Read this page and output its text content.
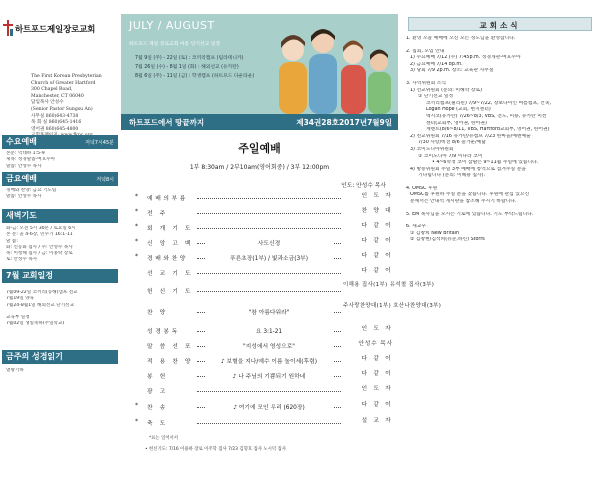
하트포드제일장로교회
The First Korean Presbyterian
Church of Greater Hartford
300 Chapel Road,
Manchester, CT 06040
담임목사 안성수
(Senior Pastor Sungsu An)
사무실 860)643-4738
목 회 실 860)645-1416
영어권 860)645-4800
수요예배	저녁7시45분
본문: 역대하 1:5-9
제목: 성경말씀-여호수아
말씀: 안성수 목사
금요예배	저녁8시
경배와 찬양: 금요 기도팀
말씀: 안성수 목사
새벽기도
화-금: 오전 5시 30분 / 토요일 6시
본 문: 골 4-6장, 민수기 16:1-11
말 씀:
화: 신동화 집사 / 수: 안성수 목사
목: 이청해 집사 / 금: 이홍락 장로
토: 안성수 목사
7월 교회일정
7월09-22일 코끼리(동해)캠프 전교
7월19일 양육
7월24-8월1일 해외선교 단기선교
교육부 일정
7월02일 생일축하(주일학교)
금주의 성경읽기
열왕기하
JULY / AUGUST
하트포드 제일 장로교회 여름 단기선교 일정
7월 9일 (주) - 22일 (토) : 코끼리캠프 (팀라테니카)
7월 26일 (수) - 8월 1일 (화) : 해외선교 (유카탄)
8월 6일 (주) - 11일 (금) : 학생캠프 (하트포드 다운타운)
하트포드에서 땅끝까지	제34권28호2017년7월9일
주일예배
1부 8:30am / 2부10am(영어회중) / 3부 12:00pm
인도: 안성수 목사
*	예배의부름	인 도 자
*	전 주	찬 양 대
*	회 개 기 도	다 같 이
*	신 앙 고 백	사도신경	다 같 이
*	경배와찬양	푸른초장(1부) / 빛과소금(3부)	다 같 이
선 교 기 도	다 같 이
헌 신 기 도
이해용 집사(1부) 유석철 집사(3부)
찬 양	"참 아름다워라"
주사랑찬양대(1부) 호산나찬양대(3부)
성경봉독	요 3:1-21	인 도 자
말 씀 선 포	"지성에서 영성으로"	안성수 목사
적 용 찬 양	♪ 보혈을 지나/예수 이름 높이세(후렴)	다 같 이
봉 헌	♪ 나 주님의 기쁨되기 원하네	다 같 이
광 고	인 도 자
*	찬 송	♪ 여기에 모인 우리 (620장)	다 같 이
*	축 도	설 교 자
*표는 일어서서
• 헌신기도: 7/16 이용하 장로 이주학 집사 7/23 김형호 집사 노시덕 집사
교회소식
1. 환영 오늘 예배에 오신 모든 성도님을 환영합니다.
2. 집회, 모임 안내
1) 수요예배 7/12 (수) 7:45p.m. 성경개관-여호수아
2) 금요예배 7/14 8p.m.
3) 당회 7/9 2p.m. 장소: 교육관 사무실
3. 사역위원회 소식
1) 선교위원회 (문의: 이해학 장로)
① 단기선교 일정
코끼리캠프(필리핀) 7/9~7/22, 장보다이인 여름캠프, 건축,
Logan Hope (교회, 현지센터)
멕시코(유카탄) 7/26~8/3, VBS, 전도, 미용, 유카탄 미션
센터(교회부, 영어권, 한어권)
계렌트(8/6~8/11, VBS, Hartford교회부, 영어권, 한어권)
2) 친교위원회 7/16 유카탄/유캠프 7/23 한마을/예멘예술
7/30 사랑/비전 8/6 즐거운/예닮
3) 코이노니아위원회
① 코이노니아 7/9 이나라 코이
• 4~6학정 코이 삼팔은 9~11월 주일에 있습니다.
4) 방송위원회 주일 3부 예배에 통역으로 섬겨주실 분을
기다립니다 (문의: 이해용 집사).
4. OMSC 후원
OMSC를 후원하 주실 분을 찾습니다. 후원에 관심 있으신
분께서는 안내석 게시판을 참조해 주시기 바랍니다.
5. EM 목사님을 모시는 기로에 있습니다. 기도 부탁드립니다.
6. 새교우
① 김창희 New Britain
② 김창현/김석희(유준,하린) Storrs
